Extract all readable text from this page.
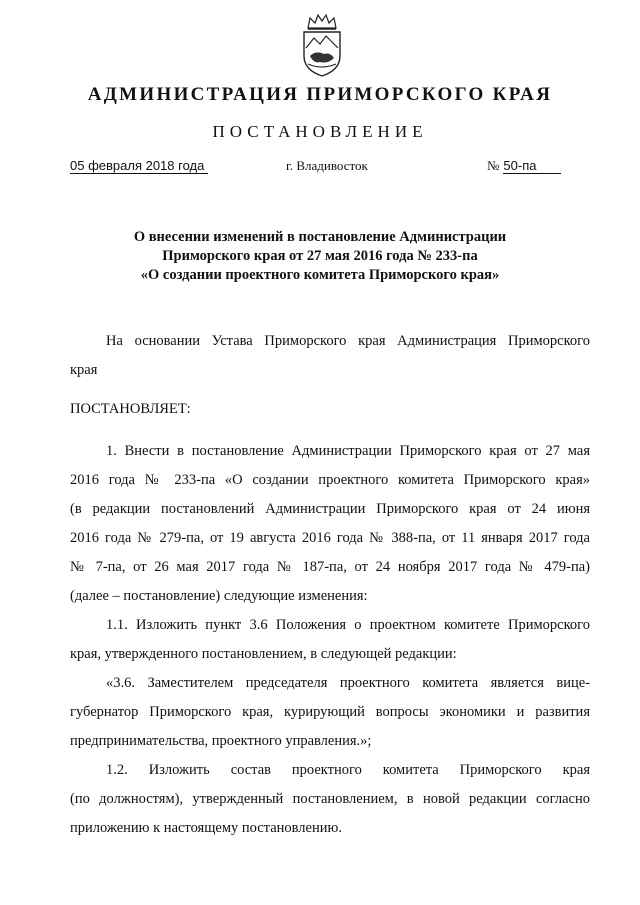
АДМИНИСТРАЦИЯ ПРИМОРСКОГО КРАЯ
ПОСТАНОВЛЕНИЕ
05 февраля 2018 года	г. Владивосток	№ 50-па
О внесении изменений в постановление Администрации
Приморского края от 27 мая 2016 года № 233-па
«О создании проектного комитета Приморского края»
На основании Устава Приморского края Администрация Приморского
края
ПОСТАНОВЛЯЕТ:
1. Внести в постановление Администрации Приморского края от 27 мая
2016 года № 233-па «О создании проектного комитета Приморского края»
(в редакции постановлений Администрации Приморского края от 24 июня
2016 года № 279-па, от 19 августа 2016 года № 388-па, от 11 января 2017 года
№ 7-па, от 26 мая 2017 года № 187-па, от 24 ноября 2017 года № 479-па)
(далее – постановление) следующие изменения:
1.1. Изложить пункт 3.6 Положения о проектном комитете Приморского
края, утвержденного постановлением, в следующей редакции:
«3.6. Заместителем председателя проектного комитета является вице-
губернатор Приморского края, курирующий вопросы экономики и развития
предпринимательства, проектного управления.»;
1.2. Изложить состав проектного комитета Приморского края
(по должностям), утвержденный постановлением, в новой редакции согласно
приложению к настоящему постановлению.
